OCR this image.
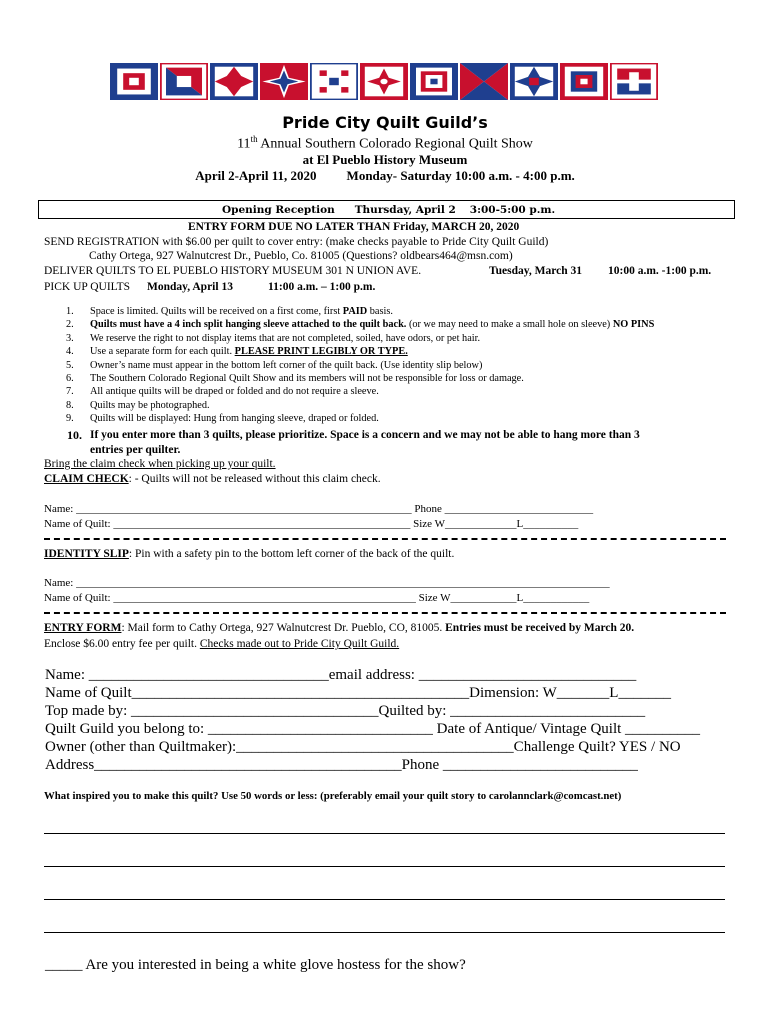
Pride City Quilt Guild’s
11th Annual Southern Colorado Regional Quilt Show
at El Pueblo History Museum
April 2-April 11, 2020 Monday- Saturday 10:00 a.m. - 4:00 p.m.
Opening Reception Thursday, April 2 3:00-5:00 p.m.
ENTRY FORM DUE NO LATER THAN Friday, MARCH 20, 2020
SEND REGISTRATION with $6.00 per quilt to cover entry: (make checks payable to Pride City Quilt Guild)
Cathy Ortega, 927 Walnutcrest Dr., Pueblo, Co. 81005 (Questions? oldbears464@msn.com)
DELIVER QUILTS TO EL PUEBLO HISTORY MUSEUM 301 N UNION AVE.	Tuesday, March 31 10:00 a.m. -1:00 p.m.
PICK UP QUILTS Monday, April 13	11:00 a.m. – 1:00 p.m.
1. Space is limited. Quilts will be received on a first come, first PAID basis.
2. Quilts must have a 4 inch split hanging sleeve attached to the quilt back. (or we may need to make a small hole on sleeve) NO PINS
3. We reserve the right to not display items that are not completed, soiled, have odors, or pet hair.
4. Use a separate form for each quilt. PLEASE PRINT LEGIBLY OR TYPE.
5. Owner’s name must appear in the bottom left corner of the quilt back. (Use identity slip below)
6. The Southern Colorado Regional Quilt Show and its members will not be responsible for loss or damage.
7. All antique quilts will be draped or folded and do not require a sleeve.
8. Quilts may be photographed.
9. Quilts will be displayed: Hung from hanging sleeve, draped or folded.
10. If you enter more than 3 quilts, please prioritize. Space is a concern and we may not be able to hang more than 3
entries per quilter.
Bring the claim check when picking up your quilt.
CLAIM CHECK: - Quilts will not be released without this claim check.
Name: _____________________________________________________________ Phone ___________________________
Name of Quilt: ______________________________________________________ Size W_____________L__________
IDENTITY SLIP: Pin with a safety pin to the bottom left corner of the back of the quilt.
Name: _________________________________________________________________________________________________
Name of Quilt: _______________________________________________________ Size W____________L____________
ENTRY FORM: Mail form to Cathy Ortega, 927 Walnutcrest Dr. Pueblo, CO, 81005. Entries must be received by March 20.
Enclose $6.00 entry fee per quilt. Checks made out to Pride City Quilt Guild.
Name: ________________________________email address: _____________________________
Name of Quilt_____________________________________________Dimension: W_______L_______
Top made by: _________________________________Quilted by: __________________________
Quilt Guild you belong to: ______________________________ Date of Antique/ Vintage Quilt __________
Owner (other than Quiltmaker):_____________________________________Challenge Quilt? YES / NO
Address_________________________________________Phone __________________________
What inspired you to make this quilt? Use 50 words or less: (preferably email your quilt story to carolannclark@comcast.net)
_____ Are you interested in being a white glove hostess for the show?
